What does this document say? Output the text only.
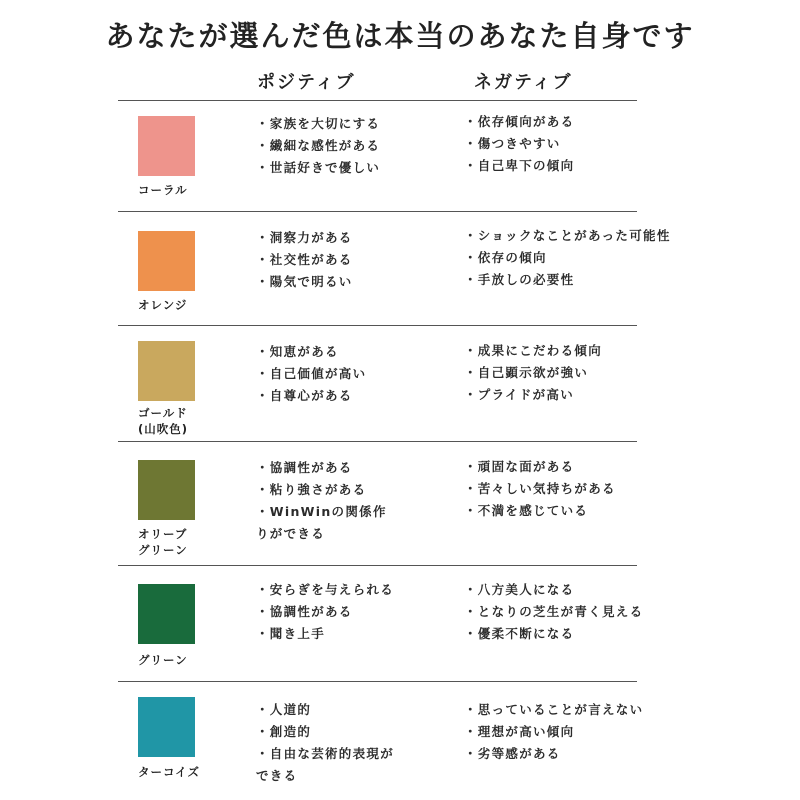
あなたが選んだ色は本当のあなた自身です
ポジティブ	ネガティブ
コーラル
・家族を大切にする
・繊細な感性がある
・世話好きで優しい
・依存傾向がある
・傷つきやすい
・自己卑下の傾向
オレンジ
・洞察力がある
・社交性がある
・陽気で明るい
・ショックなことがあった可能性
・依存の傾向
・手放しの必要性
ゴールド
(山吹色)
・知恵がある
・自己価値が高い
・自尊心がある
・成果にこだわる傾向
・自己顕示欲が強い
・プライドが高い
オリーブ
グリーン
・協調性がある
・粘り強さがある
・WinWinの関係作
りができる
・頑固な面がある
・苦々しい気持ちがある
・不満を感じている
グリーン
・安らぎを与えられる
・協調性がある
・聞き上手
・八方美人になる
・となりの芝生が青く見える
・優柔不断になる
ターコイズ
・人道的
・創造的
・自由な芸術的表現が
できる
・思っていることが言えない
・理想が高い傾向
・劣等感がある
